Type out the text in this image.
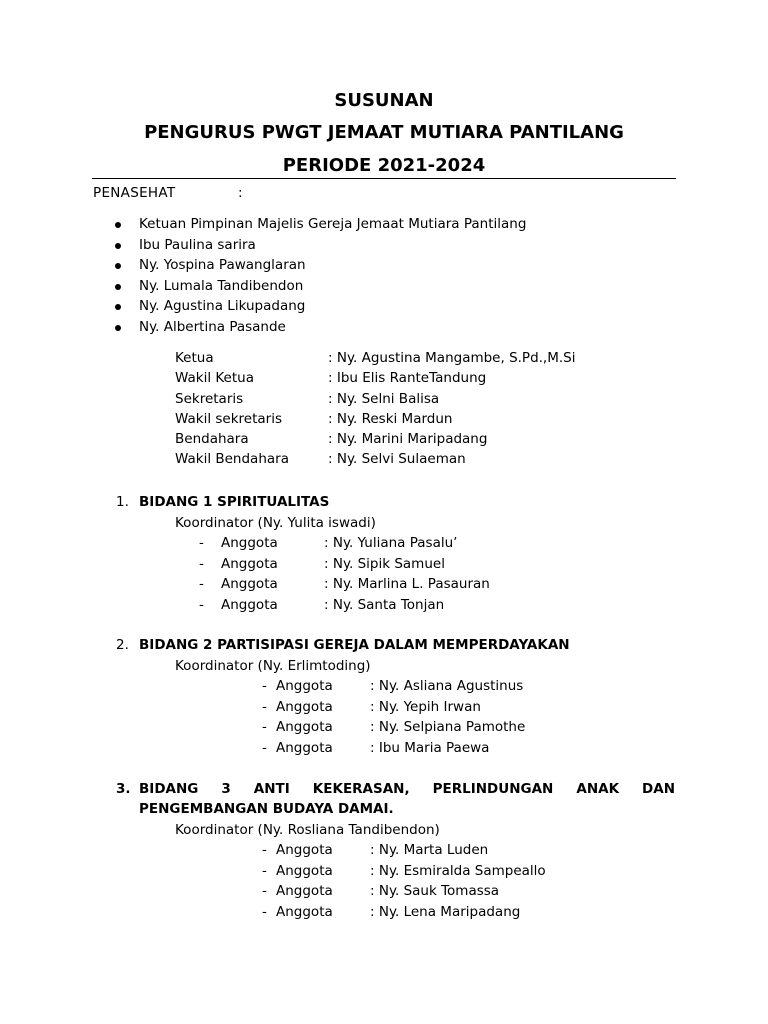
SUSUNAN
PENGURUS PWGT JEMAAT MUTIARA PANTILANG
PERIODE 2021-2024
PENASEHAT	:
Ketuan Pimpinan Majelis Gereja Jemaat Mutiara Pantilang
Ibu Paulina sarira
Ny. Yospina Pawanglaran
Ny. Lumala Tandibendon
Ny. Agustina Likupadang
Ny. Albertina Pasande
Ketua	: Ny. Agustina Mangambe, S.Pd.,M.Si
Wakil Ketua	: Ibu Elis RanteTandung
Sekretaris	: Ny. Selni Balisa
Wakil sekretaris	: Ny. Reski Mardun
Bendahara	: Ny. Marini Maripadang
Wakil Bendahara	: Ny. Selvi Sulaeman
1. BIDANG 1 SPIRITUALITAS
Koordinator (Ny. Yulita iswadi)
- Anggota	: Ny. Yuliana Pasalu’
- Anggota	: Ny. Sipik Samuel
- Anggota	: Ny. Marlina L. Pasauran
- Anggota	: Ny. Santa Tonjan
2. BIDANG 2 PARTISIPASI GEREJA DALAM MEMPERDAYAKAN
Koordinator (Ny. Erlimtoding)
- Anggota	: Ny. Asliana Agustinus
- Anggota	: Ny. Yepih Irwan
- Anggota	: Ny. Selpiana Pamothe
- Anggota	: Ibu Maria Paewa
3. BIDANG 3 ANTI KEKERASAN, PERLINDUNGAN ANAK DAN
PENGEMBANGAN BUDAYA DAMAI.
Koordinator (Ny. Rosliana Tandibendon)
- Anggota	: Ny. Marta Luden
- Anggota	: Ny. Esmiralda Sampeallo
- Anggota	: Ny. Sauk Tomassa
- Anggota	: Ny. Lena Maripadang
